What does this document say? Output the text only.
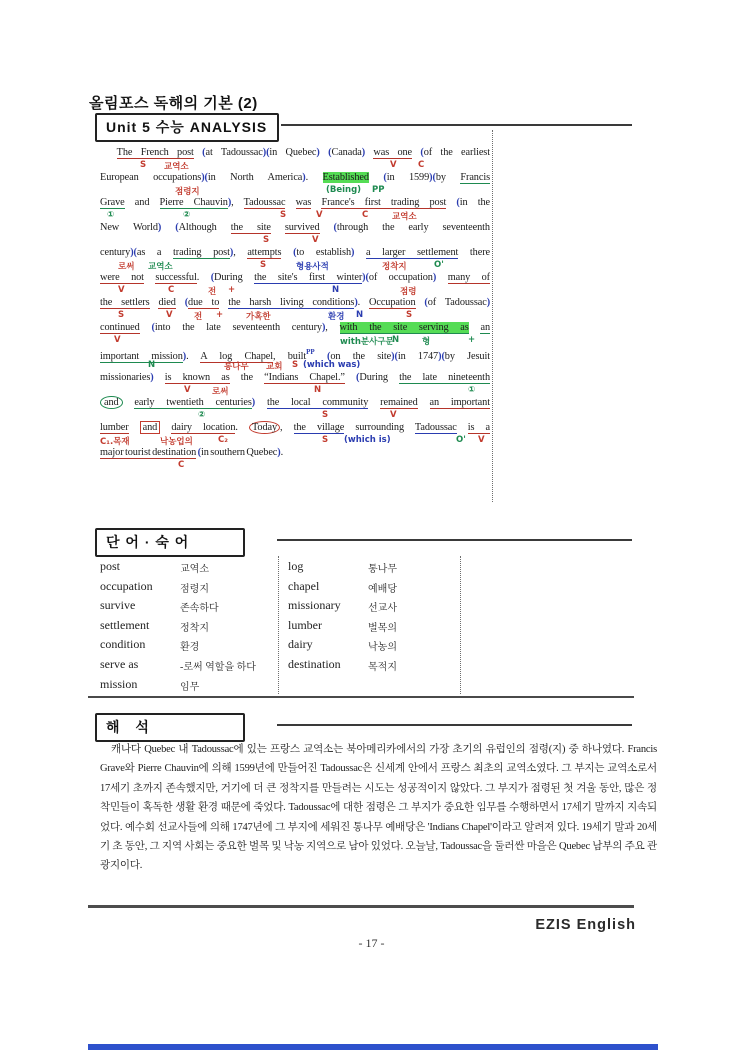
올림포스 독해의 기본 (2)
Unit 5 수능 ANALYSIS
The French post (at Tadoussac)(in Quebec) (Canada) was one (of the earliest
S 교역소	V	C
European occupations)(in North America). Established (in 1599)(by Francis
점령지	(Being) PP
Grave and Pierre Chauvin), Tadoussac was France's first trading post (in the
①	②	S	V	C	교역소
New World) (Although the site survived (through the early seventeenth
S	V
century)(as a trading post), attempts (to establish) a larger settlement there
로써 교역소	S	형용사적	정착지	O'
were not successful. (During the site's first winter)(of occupation) many of
V	C	전 +	N	점령
the settlers died (due to the harsh living conditions). Occupation (of Tadoussac)
S	V	전 +	가혹한	환경 N	S
continued (into the late seventeenth century), with the site serving as an
V	with분사구문
N	형	+
important mission). A log Chapel, built$^{PP}$ (on the site)(in 1747)(by Jesuit
N	통나무 교회 S (which was)
missionaries) is known as the “Indians Chapel.” (During the late nineteenth
V	로써	N	①
and early twentieth centuries) the local community remained an important
②	S	V
lumber and dairy location. Today , the village surrounding Tadoussac is a
C₁.목재	낙농업의	C₂	S (which is)	O' V
major tourist destination (in southern Quebec).
C
단 어 · 숙 어
post	교역소	log	통나무
occupation	점령지	chapel	예배당
survive	존속하다	missionary	선교사
settlement	정착지	lumber	벌목의
condition	환경	dairy	낙농의
serve as	-로써 역할을 하다	destination	목적지
mission	임무
해 석
캐나다 Quebec 내 Tadoussac에 있는 프랑스 교역소는 북아메리카에서의 가장 초기의 유럽인의 점령(지) 중 하나였다. Francis Grave와 Pierre Chauvin에 의해 1599년에 만들어진 Tadoussac은 신세계 안에서 프랑스 최초의 교역소였다. 그 부지는 교역소로서 17세기 초까지 존속했지만, 거기에 더 큰 정착지를 만들려는 시도는 성공적이지 않았다. 그 부지가 점령된 첫 겨울 동안, 많은 정착민들이 혹독한 생활 환경 때문에 죽었다. Tadoussac에 대한 점령은 그 부지가 중요한 임무를 수행하면서 17세기 말까지 지속되었다. 예수회 선교사들에 의해 1747년에 그 부지에 세워진 통나무 예배당은 'Indians Chapel'이라고 알려져 있다. 19세기 말과 20세기 초 동안, 그 지역 사회는 중요한 벌목 및 낙농 지역으로 남아 있었다. 오늘날, Tadoussac을 둘러싼 마을은 Quebec 남부의 주요 관광지이다.
EZIS English
- 17 -
